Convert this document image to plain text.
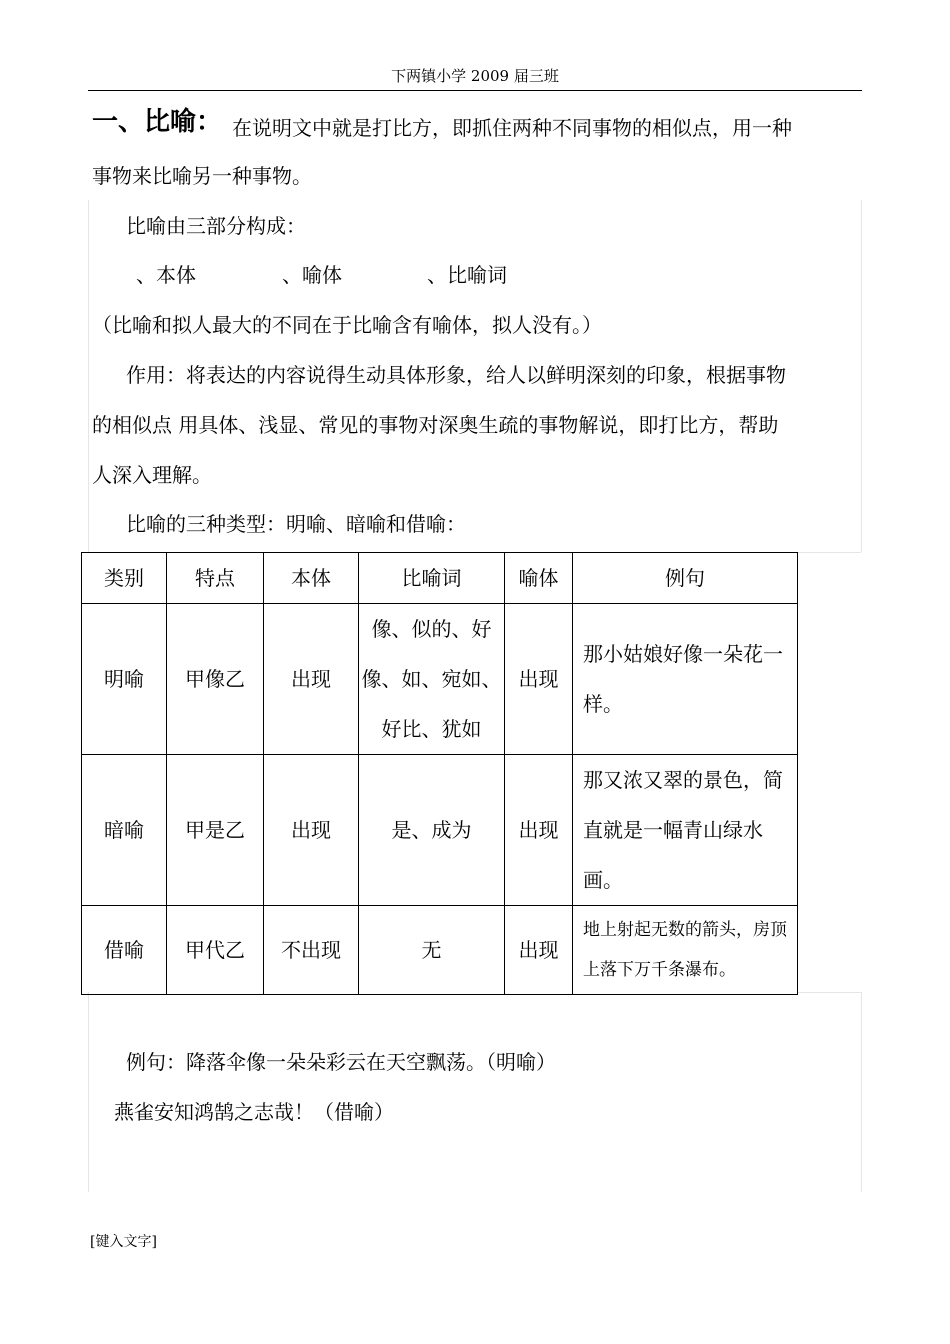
下两镇小学 2009 届三班
一、比喻： 在说明文中就是打比方，即抓住两种不同事物的相似点，用一种
事物来比喻另一种事物。
比喻由三部分构成：
、本体	、喻体	、比喻词
（比喻和拟人最大的不同在于比喻含有喻体，拟人没有。）
作用：将表达的内容说得生动具体形象，给人以鲜明深刻的印象，根据事物
的相似点 用具体、浅显、常见的事物对深奥生疏的事物解说，即打比方，帮助
人深入理解。
比喻的三种类型：明喻、暗喻和借喻：
类别	特点	本体	比喻词	喻体	例句
明喻	甲像乙	出现	像、似的、好像、如、宛如、好比、犹如	出现	那小姑娘好像一朵花一样。
暗喻	甲是乙	出现	是、成为	出现	那又浓又翠的景色，简直就是一幅青山绿水画。
借喻	甲代乙	不出现	无	出现	地上射起无数的箭头，房顶上落下万千条瀑布。
例句：降落伞像一朵朵彩云在天空飘荡。（明喻）
燕雀安知鸿鹄之志哉！（借喻）
[键入文字]
